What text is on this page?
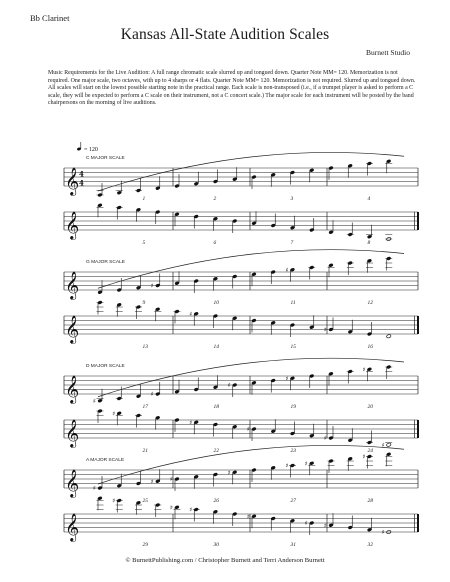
Bb Clarinet
Kansas All-State Audition Scales
Burnett Studio
Music Requirements for the Live Audition: A full range chromatic scale slurred up and tongued down. Quarter Note MM= 120. Memorization is not required. One major scale, two octaves, with up to 4 sharps or 4 flats. Quarter Note MM= 120. Memorization is not required. Slurred up and tongued down. All scales will start on the lowest possible starting note in the practical range. Each scale is non-transposed (i.e., if a trumpet player is asked to perform a C scale, they will be expected to perform a C scale on their instrument, not a C concert scale.) The major scale for each instrument will be posted by the band chairpersons on the morning of live auditions.
= 120
𝄞 4
4
C MAJOR SCALE
1	2	3	4
𝄞
5	6	7	8
𝄞
G MAJOR SCALE
♯
♯
9	10	11	12
𝄞
♯
♯
13	14	15	16
𝄞
D MAJOR SCALE
♯
♯
♯
♯
♯
17	18	19	20
𝄞
♯
♯
♯
♯
♯
21	22	23	24
𝄞
A MAJOR SCALE
♯
♯	♯
♯
♯	♯
♯
25	26	27	28
𝄞
♯
♯	♯
♯
♯	♯
♯
29	30	31	32
© BurnettPublishing.com / Christopher Burnett and Terri Anderson Burnett
